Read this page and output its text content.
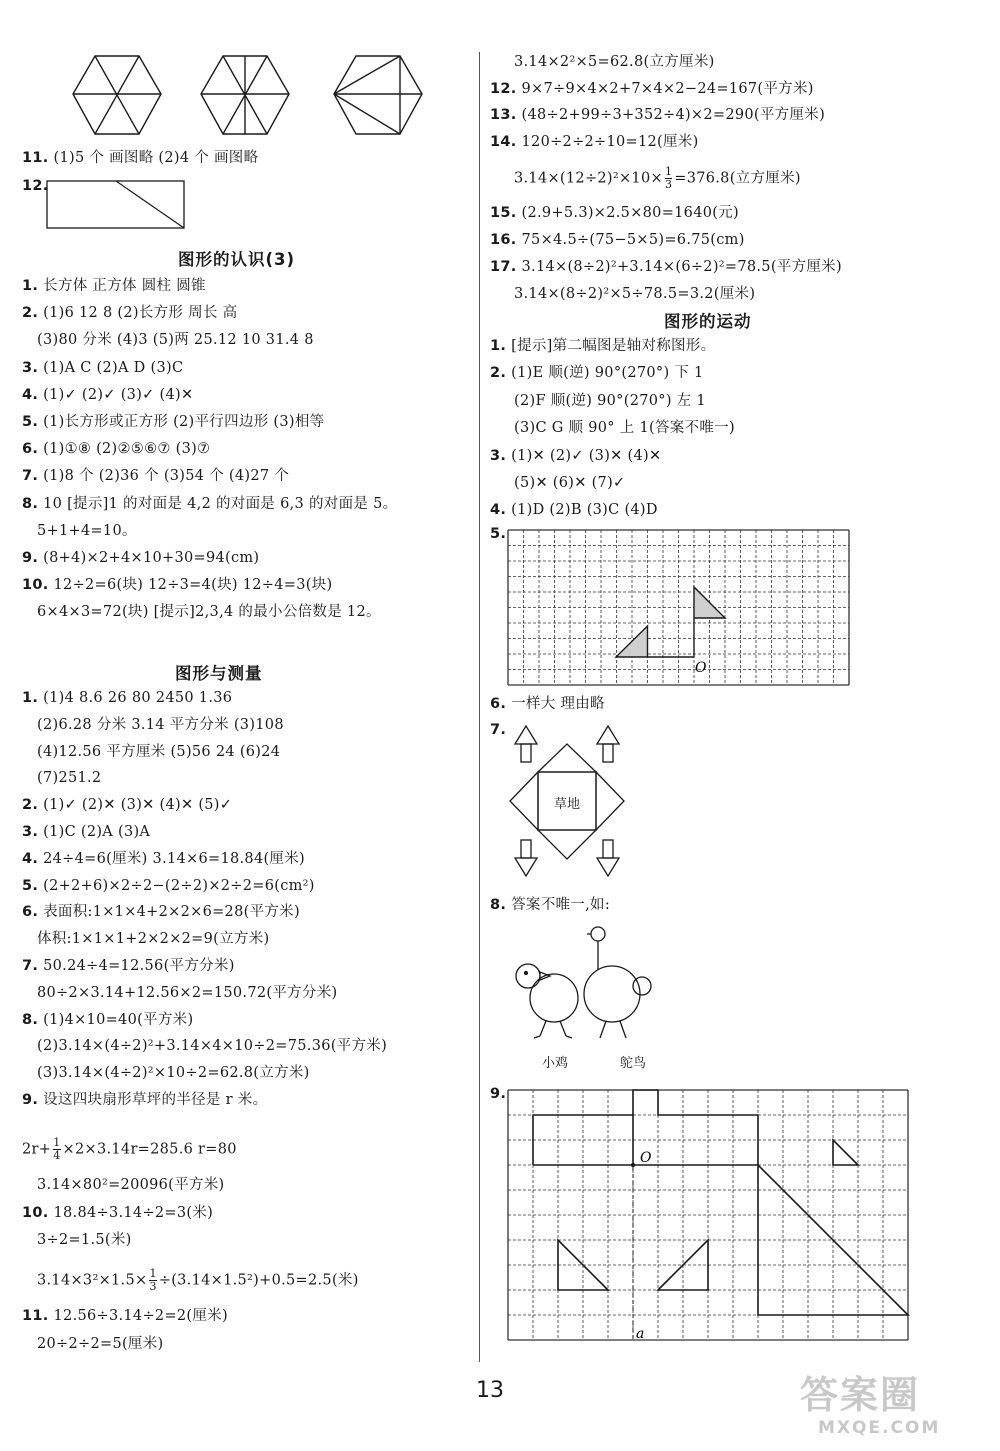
11. (1)5 个 画图略 (2)4 个 画图略
12.
图形的认识(3)
1. 长方体 正方体 圆柱 圆锥
2. (1)6 12 8 (2)长方形 周长 高
(3)80 分米 (4)3 (5)两 25.12 10 31.4 8
3. (1)A C (2)A D (3)C
4. (1)✓ (2)✓ (3)✓ (4)✕
5. (1)长方形或正方形 (2)平行四边形 (3)相等
6. (1)①⑧ (2)②⑤⑥⑦ (3)⑦
7. (1)8 个 (2)36 个 (3)54 个 (4)27 个
8. 10 [提示]1 的对面是 4,2 的对面是 6,3 的对面是 5。
5+1+4=10。
9. (8+4)×2+4×10+30=94(cm)
10. 12÷2=6(块) 12÷3=4(块) 12÷4=3(块)
6×4×3=72(块) [提示]2,3,4 的最小公倍数是 12。
图形与测量
1. (1)4 8.6 26 80 2450 1.36
(2)6.28 分米 3.14 平方分米 (3)108
(4)12.56 平方厘米 (5)56 24 (6)24
(7)251.2
2. (1)✓ (2)✕ (3)✕ (4)✕ (5)✓
3. (1)C (2)A (3)A
4. 24÷4=6(厘米) 3.14×6=18.84(厘米)
5. (2+2+6)×2÷2−(2÷2)×2÷2=6(cm²)
6. 表面积:1×1×4+2×2×6=28(平方米)
体积:1×1×1+2×2×2=9(立方米)
7. 50.24÷4=12.56(平方分米)
80÷2×3.14+12.56×2=150.72(平方分米)
8. (1)4×10=40(平方米)
(2)3.14×(4÷2)²+3.14×4×10÷2=75.36(平方米)
(3)3.14×(4÷2)²×10÷2=62.8(立方米)
9. 设这四块扇形草坪的半径是 r 米。
$2r+ \frac{1}{4} \times 2\times 3.14r=285.6$ r=80
3.14×80²=20096(平方米)
10. 18.84÷3.14÷2=3(米)
3÷2=1.5(米)
$3.14\times 3^2\times 1.5\times \frac{1}{3} \div(3.14\times 1.5^2)+0.5=2.5$(米)
11. 12.56÷3.14÷2=2(厘米)
20÷2÷2=5(厘米)
3.14×2²×5=62.8(立方厘米)
12. 9×7÷9×4×2+7×4×2−24=167(平方米)
13. (48÷2+99÷3+352÷4)×2=290(平方厘米)
14. 120÷2÷2÷10=12(厘米)
$3.14\times(12\div 2)^2\times 10\times \frac{1}{3} =376.8$(立方厘米)
15. (2.9+5.3)×2.5×80=1640(元)
16. 75×4.5÷(75−5×5)=6.75(cm)
17. 3.14×(8÷2)²+3.14×(6÷2)²=78.5(平方厘米)
3.14×(8÷2)²×5÷78.5=3.2(厘米)
图形的运动
1. [提示]第二幅图是轴对称图形。
2. (1)E 顺(逆) 90°(270°) 下 1
(2)F 顺(逆) 90°(270°) 左 1
(3)C G 顺 90° 上 1(答案不唯一)
3. (1)✕ (2)✓ (3)✕ (4)✕
(5)✕ (6)✕ (7)✓
4. (1)D (2)B (3)C (4)D
5.
O
6. 一样大 理由略
7.
草地
8. 答案不唯一,如:
小鸡	鸵鸟
9.
O
a
13	答案圈
MXQE.COM
